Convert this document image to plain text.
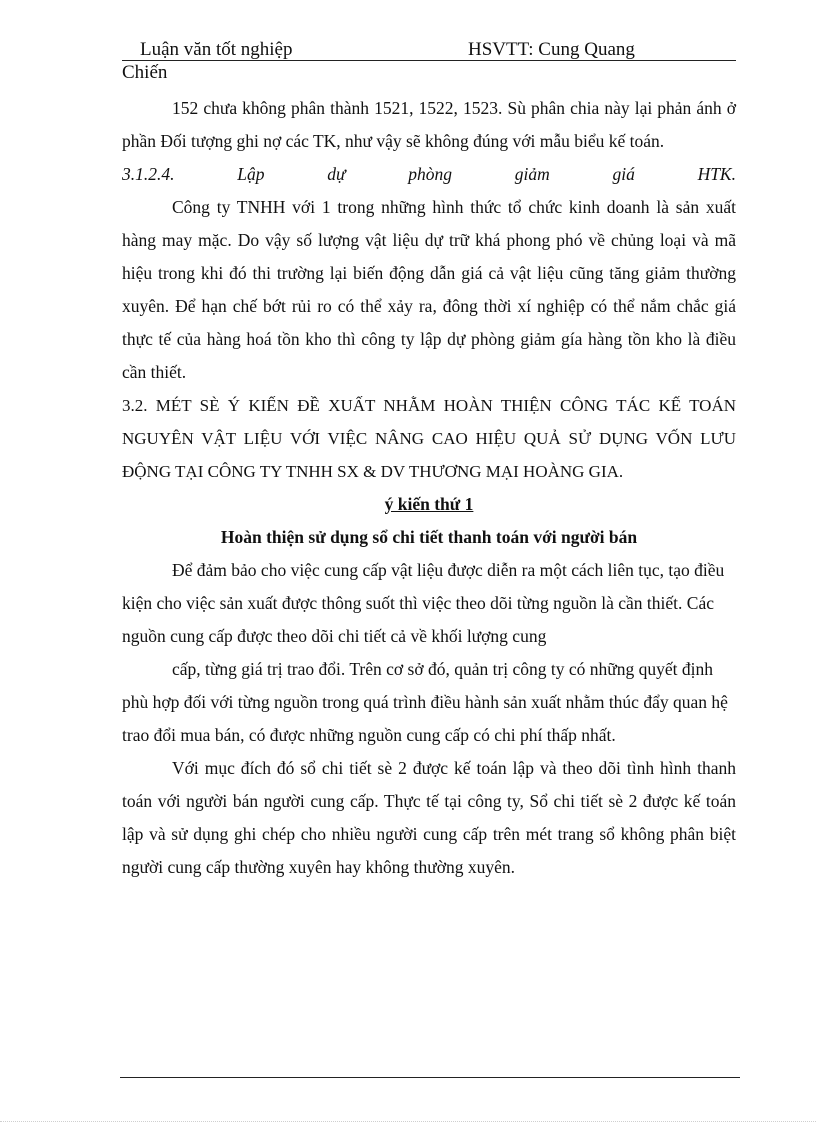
Luận văn tốt nghiệp	HSVTT: Cung Quang
Chiến

152 chưa không phân thành 1521, 1522, 1523. Sù phân chia này lại phản ánh ở phần Đối tượng ghi nợ các TK, như vậy sẽ không đúng với mẫu biểu kế toán.

3.1.2.4.	Lập	dự	phòng	giảm	giá	HTK.

Công ty TNHH với 1 trong những hình thức tổ chức kinh doanh là sản xuất hàng may mặc. Do vậy số lượng vật liệu dự trữ khá phong phó về chủng loại và mã hiệu trong khi đó thi trường lại biến động dẫn giá cả vật liệu cũng tăng giảm thường xuyên. Để hạn chế bớt rủi ro có thể xảy ra, đông thời xí nghiệp có thể nắm chắc giá thực tế của hàng hoá tồn kho thì công ty lập dự phòng giảm gía hàng tồn kho là điều cần thiết.

3.2. MÉT SÈ Ý KIẾN ĐỀ XUẤT NHẰM HOÀN THIỆN CÔNG TÁC KẾ TOÁN NGUYÊN VẬT LIỆU VỚI VIỆC NÂNG CAO HIỆU QUẢ SỬ DỤNG VỐN LƯU ĐỘNG TẠI CÔNG TY TNHH SX & DV THƯƠNG MẠI HOÀNG GIA.

ý kiến thứ 1

Hoàn thiện sử dụng sổ chi tiết thanh toán với người bán

Để đảm bảo cho việc cung cấp vật liệu được diễn ra một cách liên tục, tạo điều kiện cho việc sản xuất được thông suốt thì việc theo dõi từng nguồn là cần thiết. Các nguồn cung cấp được theo dõi chi tiết cả về khối lượng cung

cấp, từng giá trị trao đổi. Trên cơ sở đó, quản trị công ty có những quyết định phù hợp đối với từng nguồn trong quá trình điều hành sản xuất nhằm thúc đẩy quan hệ trao đổi mua bán, có được những nguồn cung cấp có chi phí thấp nhất.

Với mục đích đó sổ chi tiết sè 2 được kế toán lập và theo dõi tình hình thanh toán với người bán người cung cấp. Thực tế tại công ty, Sổ chi tiết sè 2 được kế toán lập và sử dụng ghi chép cho nhiều người cung cấp trên mét trang sổ không phân biệt người cung cấp thường xuyên hay không thường xuyên.
